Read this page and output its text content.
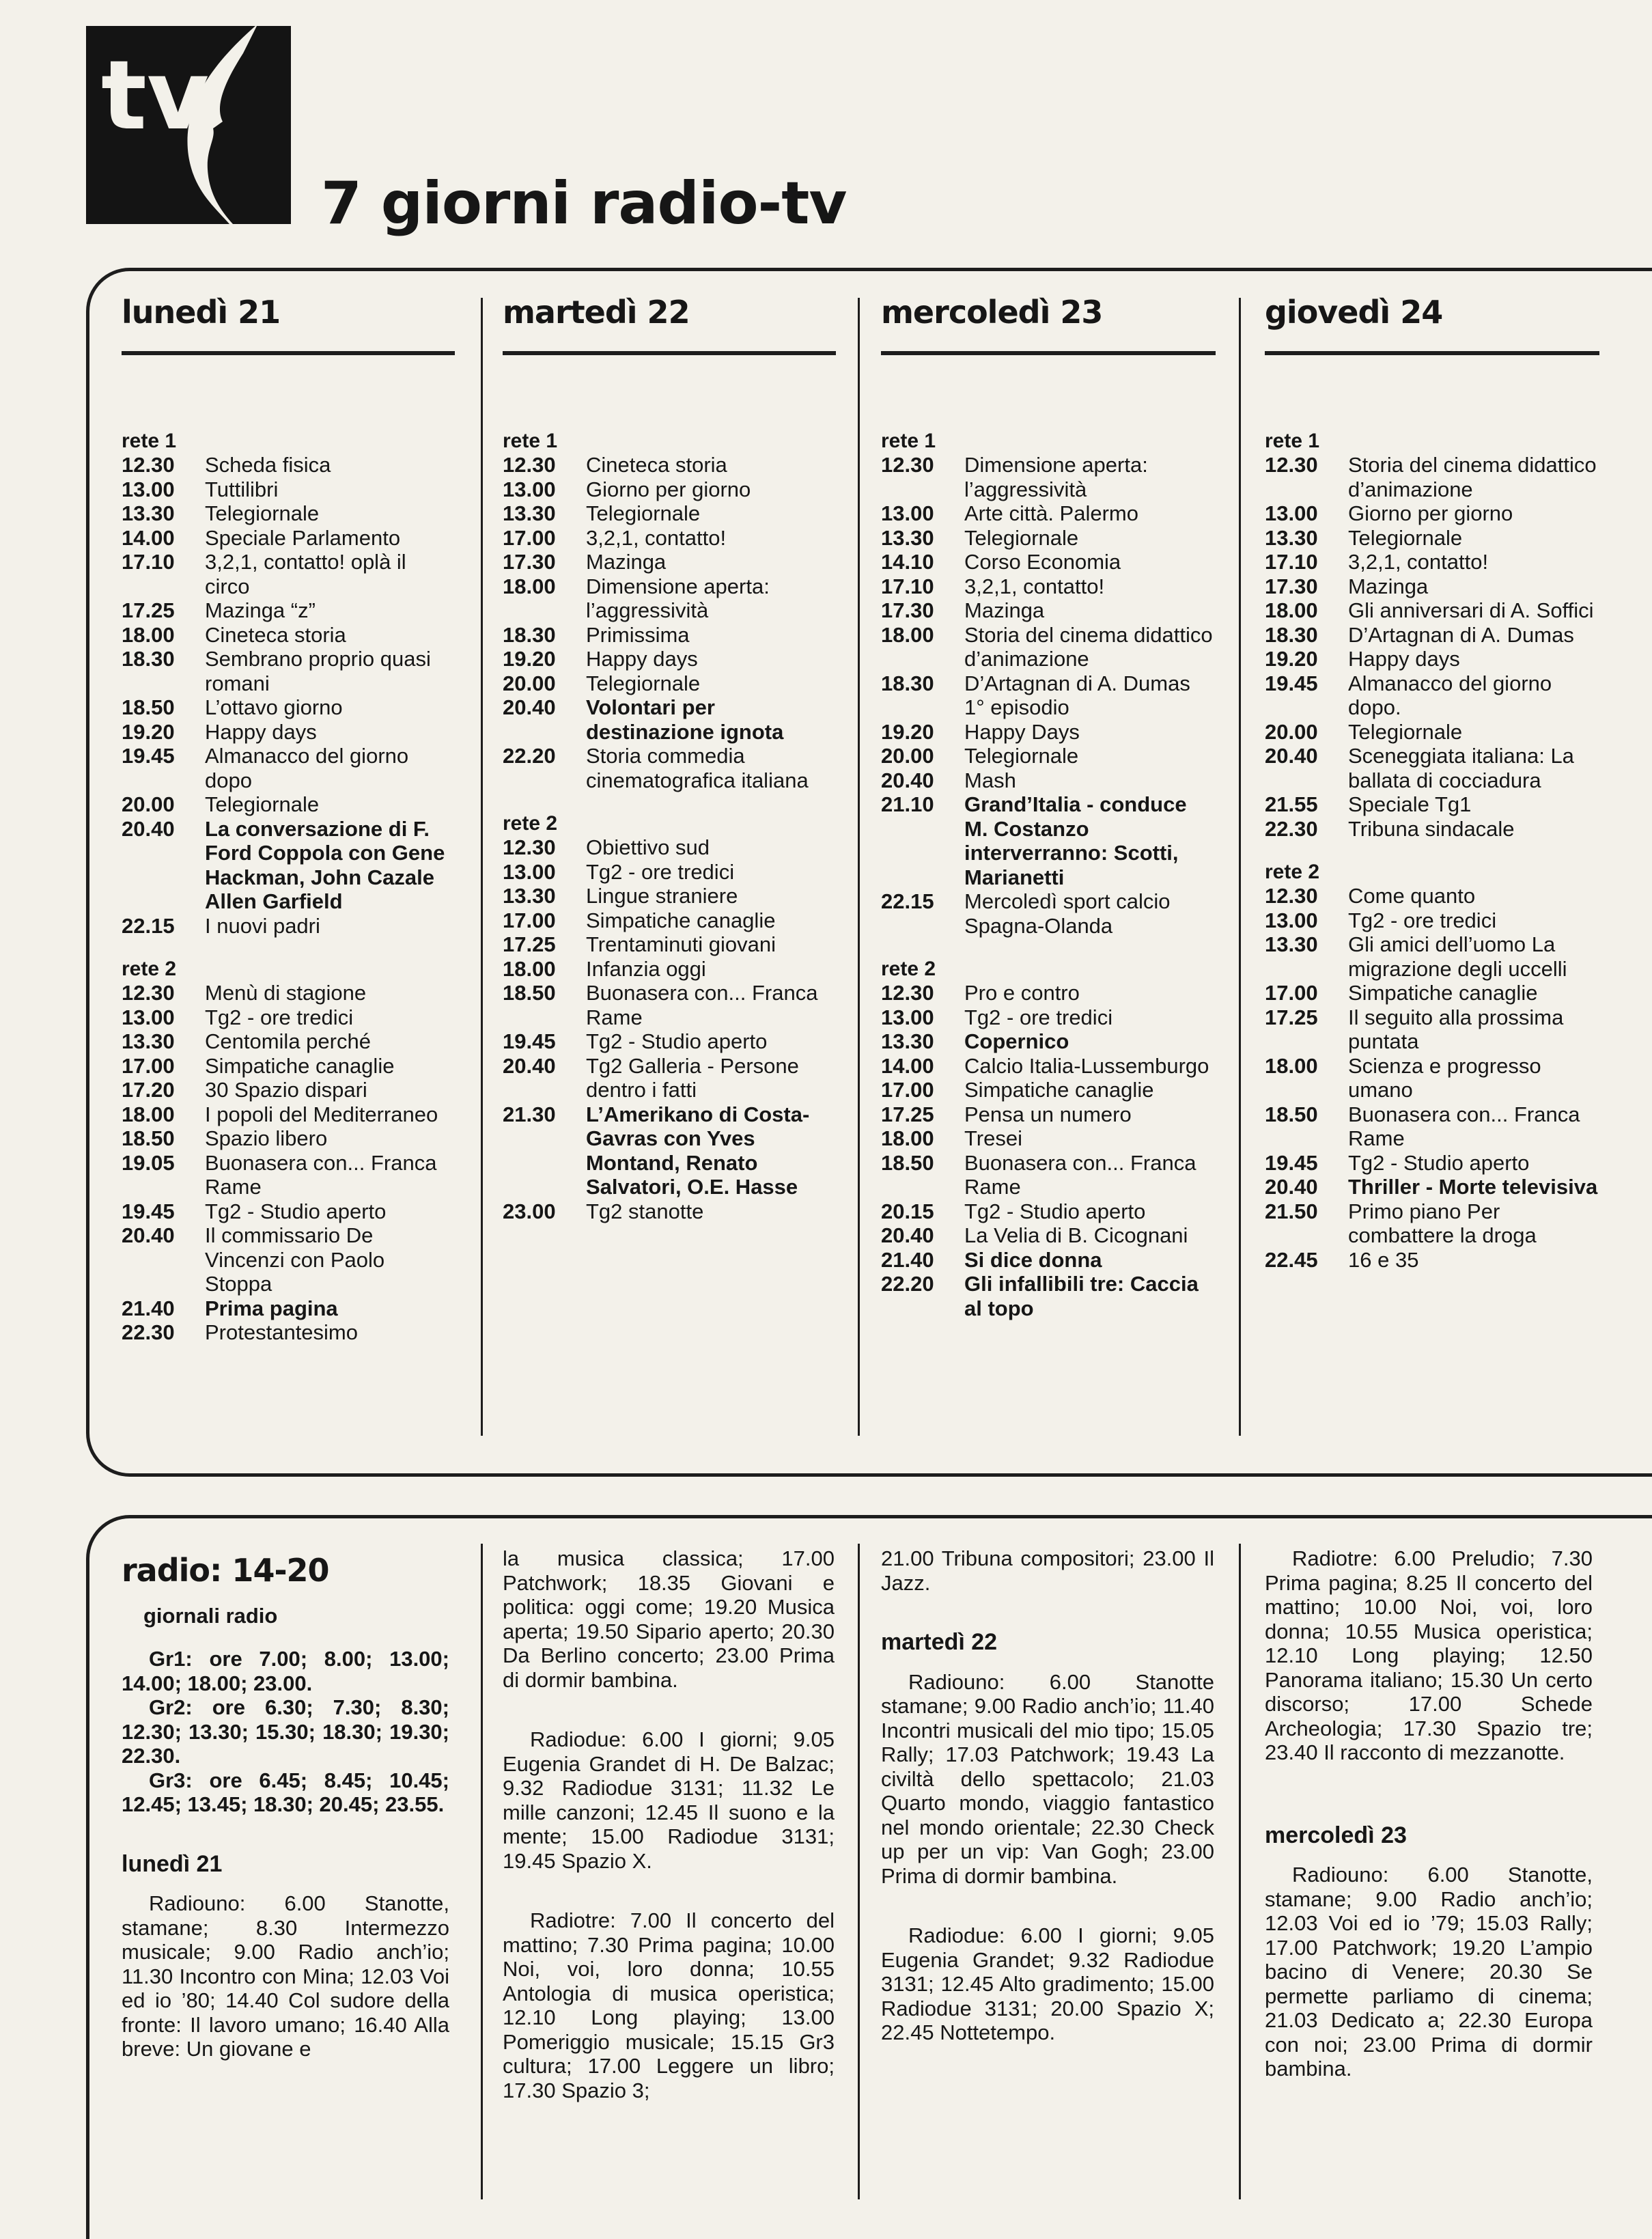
tv
7 giorni radio-tv
lunedì 21
rete 1
12.30	Scheda fisica
13.00	Tuttilibri
13.30	Telegiornale
14.00	Speciale Parlamento
17.10	3,2,1, contatto! oplà il circo
17.25	Mazinga “z”
18.00	Cineteca storia
18.30	Sembrano proprio quasi romani
18.50	L’ottavo giorno
19.20	Happy days
19.45	Almanacco del giorno dopo
20.00	Telegiornale
20.40	La conversazione di F. Ford Coppola con Gene Hackman, John Cazale Allen Garfield
22.15	I nuovi padri
rete 2
12.30	Menù di stagione
13.00	Tg2 - ore tredici
13.30	Centomila perché
17.00	Simpatiche canaglie
17.20	30 Spazio dispari
18.00	I popoli del Mediterraneo
18.50	Spazio libero
19.05	Buonasera con... Franca Rame
19.45	Tg2 - Studio aperto
20.40	Il commissario De Vincenzi con Paolo Stoppa
21.40	Prima pagina
22.30	Protestantesimo
martedì 22
rete 1
12.30	Cineteca storia
13.00	Giorno per giorno
13.30	Telegiornale
17.00	3,2,1, contatto!
17.30	Mazinga
18.00	Dimensione aperta: l’aggressività
18.30	Primissima
19.20	Happy days
20.00	Telegiornale
20.40	Volontari per destinazione ignota
22.20	Storia commedia cinematografica italiana
rete 2
12.30	Obiettivo sud
13.00	Tg2 - ore tredici
13.30	Lingue straniere
17.00	Simpatiche canaglie
17.25	Trentaminuti giovani
18.00	Infanzia oggi
18.50	Buonasera con... Franca Rame
19.45	Tg2 - Studio aperto
20.40	Tg2 Galleria - Persone dentro i fatti
21.30	L’Amerikano di Costa-Gavras con Yves Montand, Renato Salvatori, O.E. Hasse
23.00	Tg2 stanotte
mercoledì 23
rete 1
12.30	Dimensione aperta: l’aggressività
13.00	Arte città. Palermo
13.30	Telegiornale
14.10	Corso Economia
17.10	3,2,1, contatto!
17.30	Mazinga
18.00	Storia del cinema didattico d’animazione
18.30	D’Artagnan di A. Dumas 1° episodio
19.20	Happy Days
20.00	Telegiornale
20.40	Mash
21.10	Grand’Italia - conduce M. Costanzo interverranno: Scotti, Marianetti
22.15	Mercoledì sport calcio Spagna-Olanda
rete 2
12.30	Pro e contro
13.00	Tg2 - ore tredici
13.30	Copernico
14.00	Calcio Italia-Lussemburgo
17.00	Simpatiche canaglie
17.25	Pensa un numero
18.00	Tresei
18.50	Buonasera con... Franca Rame
20.15	Tg2 - Studio aperto
20.40	La Velia di B. Cicognani
21.40	Si dice donna
22.20	Gli infallibili tre: Caccia al topo
giovedì 24
rete 1
12.30	Storia del cinema didattico d’animazione
13.00	Giorno per giorno
13.30	Telegiornale
17.10	3,2,1, contatto!
17.30	Mazinga
18.00	Gli anniversari di A. Soffici
18.30	D’Artagnan di A. Dumas
19.20	Happy days
19.45	Almanacco del giorno dopo.
20.00	Telegiornale
20.40	Sceneggiata italiana: La ballata di cocciadura
21.55	Speciale Tg1
22.30	Tribuna sindacale
rete 2
12.30	Come quanto
13.00	Tg2 - ore tredici
13.30	Gli amici dell’uomo La migrazione degli uccelli
17.00	Simpatiche canaglie
17.25	Il seguito alla prossima puntata
18.00	Scienza e progresso umano
18.50	Buonasera con... Franca Rame
19.45	Tg2 - Studio aperto
20.40	Thriller - Morte televisiva
21.50	Primo piano Per combattere la droga
22.45	16 e 35
radio: 14-20
giornali radio

Gr1: ore 7.00; 8.00; 13.00; 14.00; 18.00; 23.00.

Gr2: ore 6.30; 7.30; 8.30; 12.30; 13.30; 15.30; 18.30; 19.30; 22.30.

Gr3: ore 6.45; 8.45; 10.45; 12.45; 13.45; 18.30; 20.45; 23.55.

lunedì 21

Radiouno: 6.00 Stanotte, stamane; 8.30 Intermezzo musicale; 9.00 Radio anch’io; 11.30 Incontro con Mina; 12.03 Voi ed io ’80; 14.40 Col sudore della fronte: Il lavoro umano; 16.40 Alla breve: Un giovane e

la musica classica; 17.00 Patchwork; 18.35 Giovani e politica: oggi come; 19.20 Musica aperta; 19.50 Sipario aperto; 20.30 Da Berlino concerto; 23.00 Prima di dormir bambina.

Radiodue: 6.00 I giorni; 9.05 Eugenia Grandet di H. De Balzac; 9.32 Radiodue 3131; 11.32 Le mille canzoni; 12.45 Il suono e la mente; 15.00 Radiodue 3131; 19.45 Spazio X.

Radiotre: 7.00 Il concerto del mattino; 7.30 Prima pagina; 10.00 Noi, voi, loro donna; 10.55 Antologia di musica operistica; 12.10 Long playing; 13.00 Pomeriggio musicale; 15.15 Gr3 cultura; 17.00 Leggere un libro; 17.30 Spazio 3;

21.00 Tribuna compositori; 23.00 Il Jazz.

martedì 22

Radiouno: 6.00 Stanotte stamane; 9.00 Radio anch’io; 11.40 Incontri musicali del mio tipo; 15.05 Rally; 17.03 Patchwork; 19.43 La civiltà dello spettacolo; 21.03 Quarto mondo, viaggio fantastico nel mondo orientale; 22.30 Check up per un vip: Van Gogh; 23.00 Prima di dormir bambina.

Radiodue: 6.00 I giorni; 9.05 Eugenia Grandet; 9.32 Radiodue 3131; 12.45 Alto gradimento; 15.00 Radiodue 3131; 20.00 Spazio X; 22.45 Nottetempo.

Radiotre: 6.00 Preludio; 7.30 Prima pagina; 8.25 Il concerto del mattino; 10.00 Noi, voi, loro donna; 10.55 Musica operistica; 12.10 Long playing; 12.50 Panorama italiano; 15.30 Un certo discorso; 17.00 Schede Archeologia; 17.30 Spazio tre; 23.40 Il racconto di mezzanotte.

mercoledì 23

Radiouno: 6.00 Stanotte, stamane; 9.00 Radio anch’io; 12.03 Voi ed io ’79; 15.03 Rally; 17.00 Patchwork; 19.20 L’ampio bacino di Venere; 20.30 Se permette parliamo di cinema; 21.03 Dedicato a; 22.30 Europa con noi; 23.00 Prima di dormir bambina.
